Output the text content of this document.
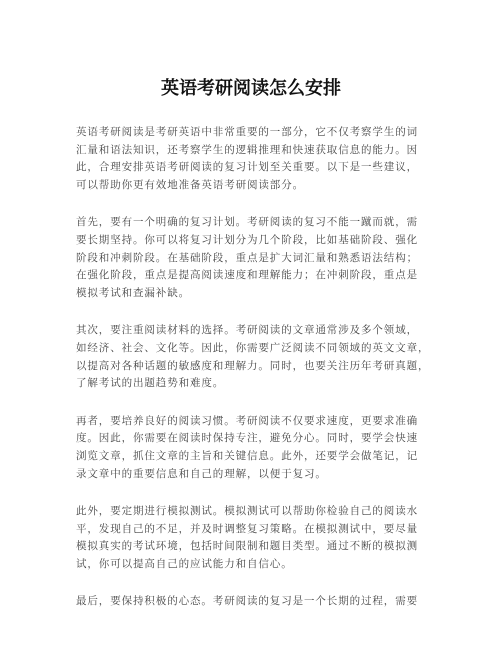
英语考研阅读怎么安排

英语考研阅读是考研英语中非常重要的一部分，它不仅考察学生的词
汇量和语法知识，还考察学生的逻辑推理和快速获取信息的能力。因
此，合理安排英语考研阅读的复习计划至关重要。以下是一些建议，
可以帮助你更有效地准备英语考研阅读部分。

首先，要有一个明确的复习计划。考研阅读的复习不能一蹴而就，需
要长期坚持。你可以将复习计划分为几个阶段，比如基础阶段、强化
阶段和冲刺阶段。在基础阶段，重点是扩大词汇量和熟悉语法结构；
在强化阶段，重点是提高阅读速度和理解能力；在冲刺阶段，重点是
模拟考试和查漏补缺。

其次，要注重阅读材料的选择。考研阅读的文章通常涉及多个领域，
如经济、社会、文化等。因此，你需要广泛阅读不同领域的英文文章，
以提高对各种话题的敏感度和理解力。同时，也要关注历年考研真题，
了解考试的出题趋势和难度。

再者，要培养良好的阅读习惯。考研阅读不仅要求速度，更要求准确
度。因此，你需要在阅读时保持专注，避免分心。同时，要学会快速
浏览文章，抓住文章的主旨和关键信息。此外，还要学会做笔记，记
录文章中的重要信息和自己的理解，以便于复习。

此外，要定期进行模拟测试。模拟测试可以帮助你检验自己的阅读水
平，发现自己的不足，并及时调整复习策略。在模拟测试中，要尽量
模拟真实的考试环境，包括时间限制和题目类型。通过不断的模拟测
试，你可以提高自己的应试能力和自信心。

最后，要保持积极的心态。考研阅读的复习是一个长期的过程，需要
